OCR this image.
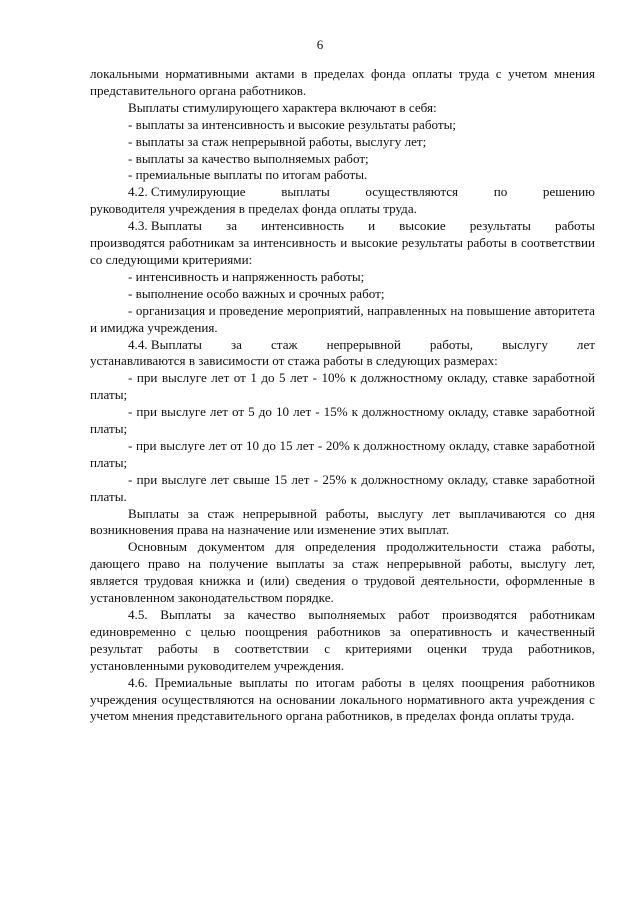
6

локальными нормативными актами в пределах фонда оплаты труда с учетом мнения представительного органа работников.

Выплаты стимулирующего характера включают в себя:

- выплаты за интенсивность и высокие результаты работы;

- выплаты за стаж непрерывной работы, выслугу лет;

- выплаты за качество выполняемых работ;

- премиальные выплаты по итогам работы.

4.2. Стимулирующие	выплаты	осуществляются	по	решению

руководителя учреждения в пределах фонда оплаты труда.

4.3. Выплаты за интенсивность и высокие результаты работы

производятся работникам за интенсивность и высокие результаты работы в соответствии со следующими критериями:

- интенсивность и напряженность работы;

- выполнение особо важных и срочных работ;

- организация и проведение мероприятий, направленных на повышение авторитета и имиджа учреждения.

4.4. Выплаты за стаж непрерывной работы, выслугу лет

устанавливаются в зависимости от стажа работы в следующих размерах:

- при выслуге лет от 1 до 5 лет - 10% к должностному окладу, ставке заработной платы;

- при выслуге лет от 5 до 10 лет - 15% к должностному окладу, ставке заработной платы;

- при выслуге лет от 10 до 15 лет - 20% к должностному окладу, ставке заработной платы;

- при выслуге лет свыше 15 лет - 25% к должностному окладу, ставке заработной платы.

Выплаты за стаж непрерывной работы, выслугу лет выплачиваются со дня возникновения права на назначение или изменение этих выплат.

Основным документом для определения продолжительности стажа работы, дающего право на получение выплаты за стаж непрерывной работы, выслугу лет, является трудовая книжка и (или) сведения о трудовой деятельности, оформленные в установленном законодательством порядке.

4.5. Выплаты за качество выполняемых работ производятся работникам единовременно с целью поощрения работников за оперативность и качественный результат работы в соответствии с критериями оценки труда работников, установленными руководителем учреждения.

4.6. Премиальные выплаты по итогам работы в целях поощрения работников учреждения осуществляются на основании локального нормативного акта учреждения с учетом мнения представительного органа работников, в пределах фонда оплаты труда.
